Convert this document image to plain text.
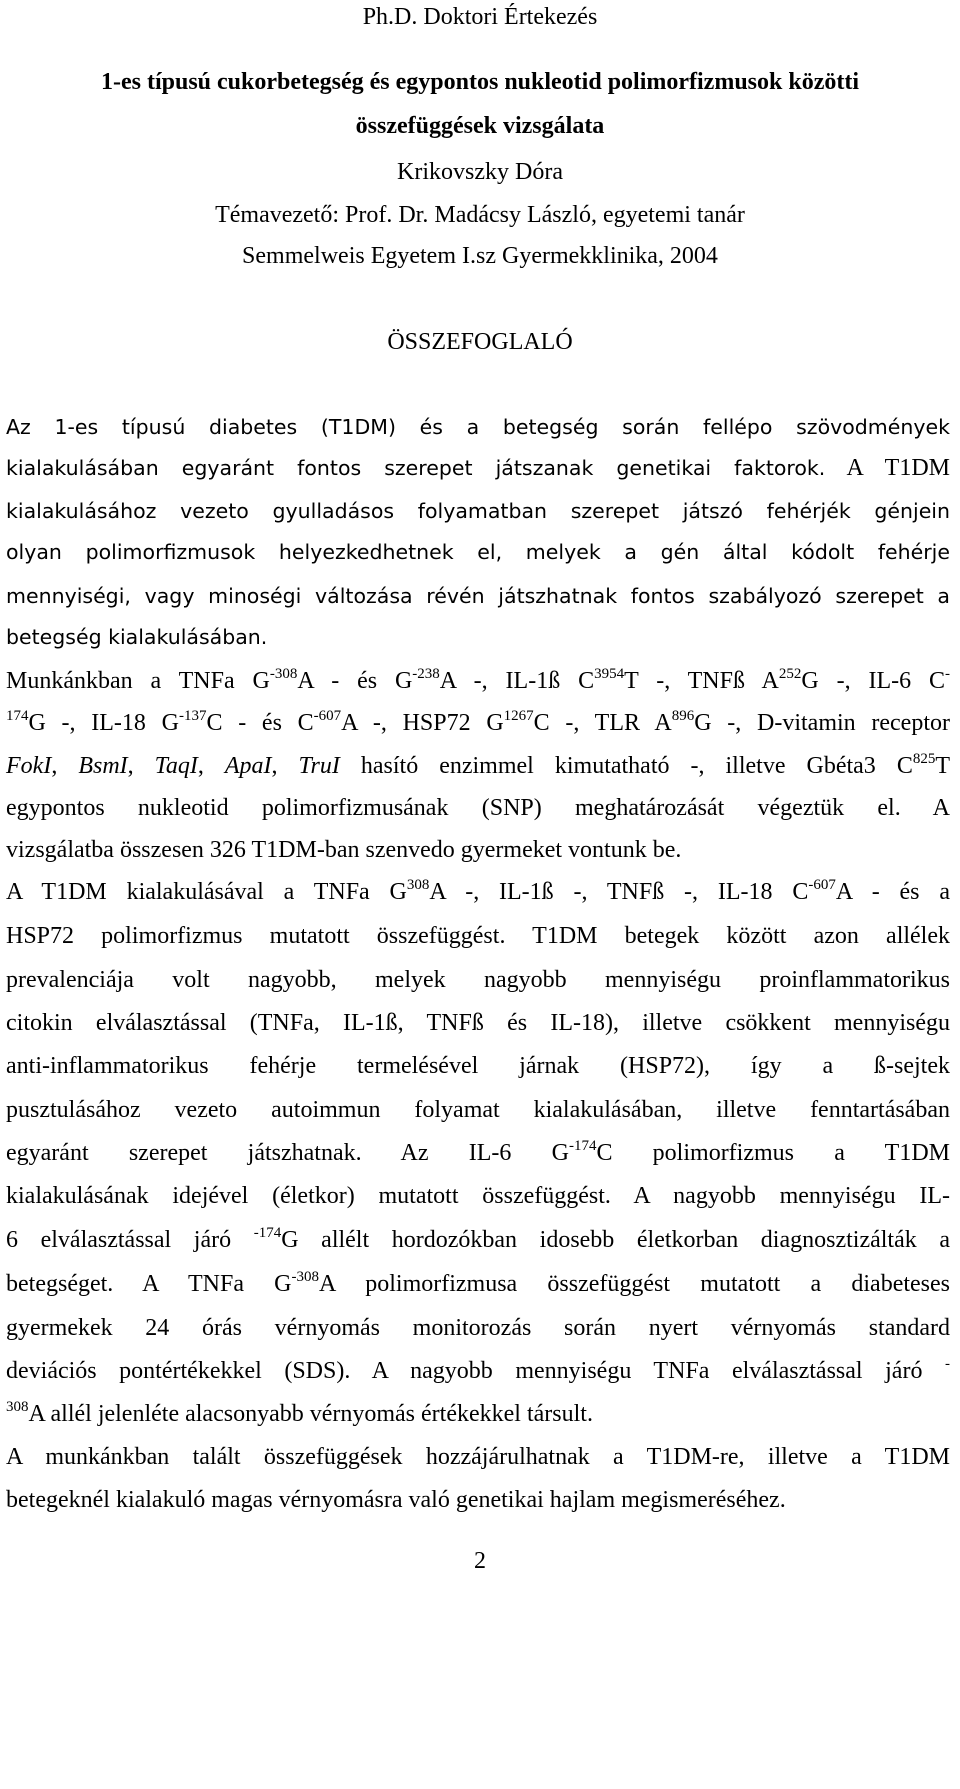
Ph.D. Doktori Értekezés
1-es típusú cukorbetegség és egypontos nukleotid polimorfizmusok közötti
összefüggések vizsgálata
Krikovszky Dóra
Témavezető: Prof. Dr. Madácsy László, egyetemi tanár
Semmelweis Egyetem I.sz Gyermekklinika, 2004
ÖSSZEFOGLALÓ
Az 1-es típusú diabetes (T1DM) és a betegség során fellépo szövodmények
kialakulásában egyaránt fontos szerepet játszanak genetikai faktorok. A T1DM
kialakulásához vezeto gyulladásos folyamatban szerepet játszó fehérjék génjein
olyan polimorfizmusok helyezkedhetnek el, melyek a gén által kódolt fehérje
mennyiségi, vagy minoségi változása révén játszhatnak fontos szabályozó szerepet a
betegség kialakulásában.
Munkánkban a TNFa $G^{-308}A$ - és $G^{-238}A$ -, IL-1ß $C^{3954}T$ -, TNFß $A^{252}G$ -, IL-6 C-
$^{174}$G -, IL-18 $G^{-137}C$ - és $C^{-607}A$ -, HSP72 $G^{1267}C$ -, TLR $A^{896}G$ -, D-vitamin receptor
FokI, BsmI, TaqI, ApaI, TruI hasító enzimmel kimutatható -, illetve Gbéta3 $C^{825}T$
egypontos nukleotid polimorfizmusának (SNP) meghatározását végeztük el. A
vizsgálatba összesen 326 T1DM-ban szenvedo gyermeket vontunk be.
A T1DM kialakulásával a TNFa $G^{308}A$ -, IL-1ß -, TNFß -, IL-18 $C^{-607}A$ - és a
HSP72 polimorfizmus mutatott összefüggést. T1DM betegek között azon allélek
prevalenciája volt nagyobb, melyek nagyobb mennyiségu proinflammatorikus
citokin elválasztással (TNFa, IL-1ß, TNFß és IL-18), illetve csökkent mennyiségu
anti-inflammatorikus fehérje termelésével járnak (HSP72), így a ß-sejtek
pusztulásához vezeto autoimmun folyamat kialakulásában, illetve fenntartásában
egyaránt szerepet játszhatnak. Az IL-6 $G^{-174}C$ polimorfizmus a T1DM
kialakulásának idejével (életkor) mutatott összefüggést. A nagyobb mennyiségu IL-
6 elválasztással járó $^{-174}$G allélt hordozókban idosebb életkorban diagnosztizálták a
betegséget. A TNFa $G^{-308}A$ polimorfizmusa összefüggést mutatott a diabeteses
gyermekek 24 órás vérnyomás monitorozás során nyert vérnyomás standard
deviációs pontértékekkel (SDS). A nagyobb mennyiségu TNFa elválasztással járó -
$^{308}$A allél jelenléte alacsonyabb vérnyomás értékekkel társult.
A munkánkban talált összefüggések hozzájárulhatnak a T1DM-re, illetve a T1DM
betegeknél kialakuló magas vérnyomásra való genetikai hajlam megismeréséhez.
2
